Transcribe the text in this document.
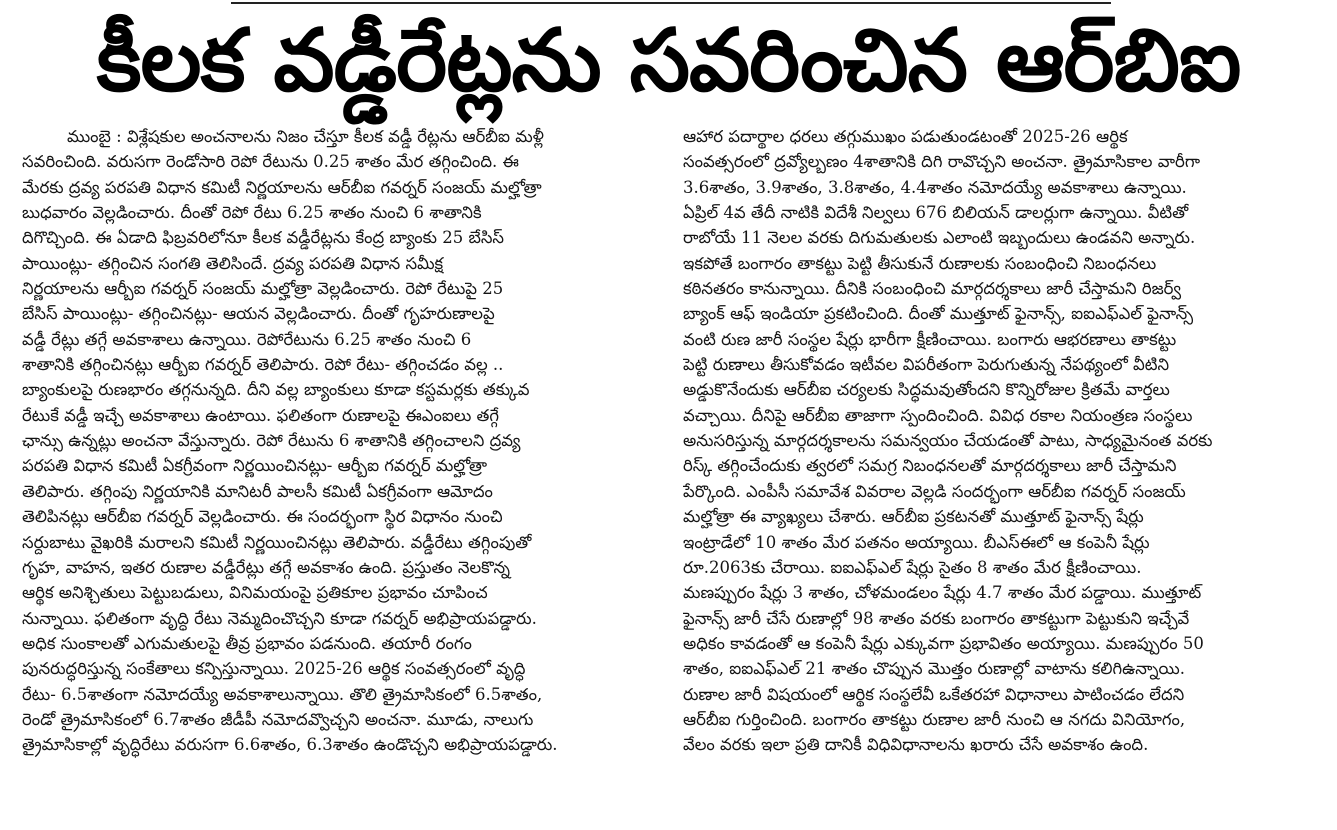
కీలక వడ్డీరేట్లను సవరించిన ఆర్‌బిఐ
ముంబై : విశ్లేషకుల అంచనాలను నిజం చేస్తూ కీలక వడ్డీ రేట్లను ఆర్‌బీఐ మళ్లీ
సవరించింది. వరుసగా రెండోసారి రెపో రేటును 0.25 శాతం మేర తగ్గించింది. ఈ
మేరకు ద్రవ్య పరపతి విధాన కమిటీ నిర్ణయాలను ఆర్‌బీఐ గవర్నర్ సంజయ్ మల్హోత్రా
బుధవారం వెల్లడించారు. దీంతో రెపో రేటు 6.25 శాతం నుంచి 6 శాతానికి
దిగొచ్చింది. ఈ ఏడాది ఫిబ్రవరిలోనూ కీలక వడ్డీరేట్లను కేంద్ర బ్యాంకు 25 బేసిస్
పాయింట్లు- తగ్గించిన సంగతి తెలిసిందే. ద్రవ్య పరపతి విధాన సమీక్ష
నిర్ణయాలను ఆర్బీఐ గవర్నర్ సంజయ్ మల్హోత్రా వెల్లడించారు. రెపో రేటుపై 25
బేసిస్ పాయింట్లు- తగ్గించినట్లు- ఆయన వెల్లడించారు. దీంతో గృహరుణాలపై
వడ్డీ రేట్లు తగ్గే అవకాశాలు ఉన్నాయి. రెపోరేటును 6.25 శాతం నుంచి 6
శాతానికి తగ్గించినట్లు ఆర్బీఐ గవర్నర్ తెలిపారు. రెపో రేటు- తగ్గించడం వల్ల ..
బ్యాంకులపై రుణభారం తగ్గనున్నది. దీని వల్ల బ్యాంకులు కూడా కస్టమర్లకు తక్కువ
రేటుకే వడ్డీ ఇచ్చే అవకాశాలు ఉంటాయి. ఫలితంగా రుణాలపై ఈఎంఐలు తగ్గే
ఛాన్సు ఉన్నట్లు అంచనా వేస్తున్నారు. రెపో రేటును 6 శాతానికి తగ్గించాలని ద్రవ్య
పరపతి విధాన కమిటీ ఏకగ్రీవంగా నిర్ణయించినట్లు- ఆర్బీఐ గవర్నర్ మల్హోత్రా
తెలిపారు. తగ్గింపు నిర్ణయానికి మానిటరీ పాలసీ కమిటీ ఏకగ్రీవంగా ఆమోదం
తెలిపినట్లు ఆర్‌బీఐ గవర్నర్ వెల్లడించారు. ఈ సందర్భంగా స్థిర విధానం నుంచి
సర్దుబాటు వైఖరికి మరాలని కమిటీ నిర్ణయించినట్లు తెలిపారు. వడ్డీరేటు తగ్గింపుతో
గృహ, వాహన, ఇతర రుణాల వడ్డీరేట్లు తగ్గే అవకాశం ఉంది. ప్రస్తుతం నెలకొన్న
ఆర్థిక అనిశ్చితులు పెట్టుబడులు, వినిమయంపై ప్రతికూల ప్రభావం చూపించ
నున్నాయి. ఫలితంగా వృద్ధి రేటు నెమ్మదించొచ్చని కూడా గవర్నర్ అభిప్రాయపడ్డారు.
అధిక సుంకాలతో ఎగుమతులపై తీవ్ర ప్రభావం పడనుంది. తయారీ రంగం
పునరుద్ధరిస్తున్న సంకేతాలు కన్పిస్తున్నాయి. 2025-26 ఆర్థిక సంవత్సరంలో వృద్ధి
రేటు- 6.5శాతంగా నమోదయ్యే అవకాశాలున్నాయి. తొలి త్రైమాసికంలో 6.5శాతం,
రెండో త్రైమాసికంలో 6.7శాతం జీడీపీ నమోదవ్వొచ్చని అంచనా. మూడు, నాలుగు
త్రైమాసికాల్లో వృద్ధిరేటు వరుసగా 6.6శాతం, 6.3శాతం ఉండొచ్చని అభిప్రాయపడ్డారు.
ఆహార పదార్థాల ధరలు తగ్గుముఖం పడుతుండటంతో 2025-26 ఆర్థిక
సంవత్సరంలో ద్రవ్యోల్బణం 4శాతానికి దిగి రావొచ్చని అంచనా. త్రైమాసికాల వారీగా
3.6శాతం, 3.9శాతం, 3.8శాతం, 4.4శాతం నమోదయ్యే అవకాశాలు ఉన్నాయి.
ఏప్రిల్ 4వ తేదీ నాటికి విదేశీ నిల్వలు 676 బిలియన్ డాలర్లుగా ఉన్నాయి. వీటితో
రాబోయే 11 నెలల వరకు దిగుమతులకు ఎలాంటి ఇబ్బందులు ఉండవని అన్నారు.
ఇకపోతే బంగారం తాకట్టు పెట్టి తీసుకునే రుణాలకు సంబంధించి నిబంధనలు
కఠినతరం కానున్నాయి. దీనికి సంబంధించి మార్గదర్శకాలు జారీ చేస్తామని రిజర్వ్
బ్యాంక్ ఆఫ్ ఇండియా ప్రకటించింది. దీంతో ముత్తూట్ ఫైనాన్స్, ఐఐఎఫ్ఎల్ ఫైనాన్స్
వంటి రుణ జారీ సంస్థల షేర్లు భారీగా క్షీణించాయి. బంగారు ఆభరణాలు తాకట్టు
పెట్టి రుణాలు తీసుకోవడం ఇటీవల విపరీతంగా పెరుగుతున్న నేపథ్యంలో వీటిని
అడ్డుకొనేందుకు ఆర్‌బీఐ చర్యలకు సిద్ధమవుతోందని కొన్నిరోజుల క్రితమే వార్తలు
వచ్చాయి. దీనిపై ఆర్‌బీఐ తాజాగా స్పందించింది. వివిధ రకాల నియంత్రణ సంస్థలు
అనుసరిస్తున్న మార్గదర్శకాలను సమన్వయం చేయడంతో పాటు, సాధ్యమైనంత వరకు
రిస్క్ తగ్గించేందుకు త్వరలో సమగ్ర నిబంధనలతో మార్గదర్శకాలు జారీ చేస్తామని
పేర్కొంది. ఎంపీసీ సమావేశ వివరాల వెల్లడి సందర్భంగా ఆర్‌బీఐ గవర్నర్ సంజయ్
మల్హోత్రా ఈ వ్యాఖ్యలు చేశారు. ఆర్‌బీఐ ప్రకటనతో ముత్తూట్ ఫైనాన్స్ షేర్లు
ఇంట్రాడేలో 10 శాతం మేర పతనం అయ్యాయి. బీఎస్ఈలో ఆ కంపెనీ షేర్లు
రూ.2063కు చేరాయి. ఐఐఎఫ్ఎల్ షేర్లు సైతం 8 శాతం మేర క్షీణించాయి.
మణప్పురం షేర్లు 3 శాతం, చోళమండలం షేర్లు 4.7 శాతం మేర పడ్డాయి. ముత్తూట్
ఫైనాన్స్ జారీ చేసే రుణాల్లో 98 శాతం వరకు బంగారం తాకట్టుగా పెట్టుకుని ఇచ్చేవే
అధికం కావడంతో ఆ కంపెనీ షేర్లు ఎక్కువగా ప్రభావితం అయ్యాయి. మణప్పురం 50
శాతం, ఐఐఎఫ్ఎల్ 21 శాతం చొప్పున మొత్తం రుణాల్లో వాటాను కలిగిఉన్నాయి.
రుణాల జారీ విషయంలో ఆర్థిక సంస్థలేవీ ఒకేతరహా విధానాలు పాటించడం లేదని
ఆర్‌బీఐ గుర్తించింది. బంగారం తాకట్టు రుణాల జారీ నుంచి ఆ నగదు వినియోగం,
వేలం వరకు ఇలా ప్రతి దానికీ విధివిధానాలను ఖరారు చేసే అవకాశం ఉంది.
